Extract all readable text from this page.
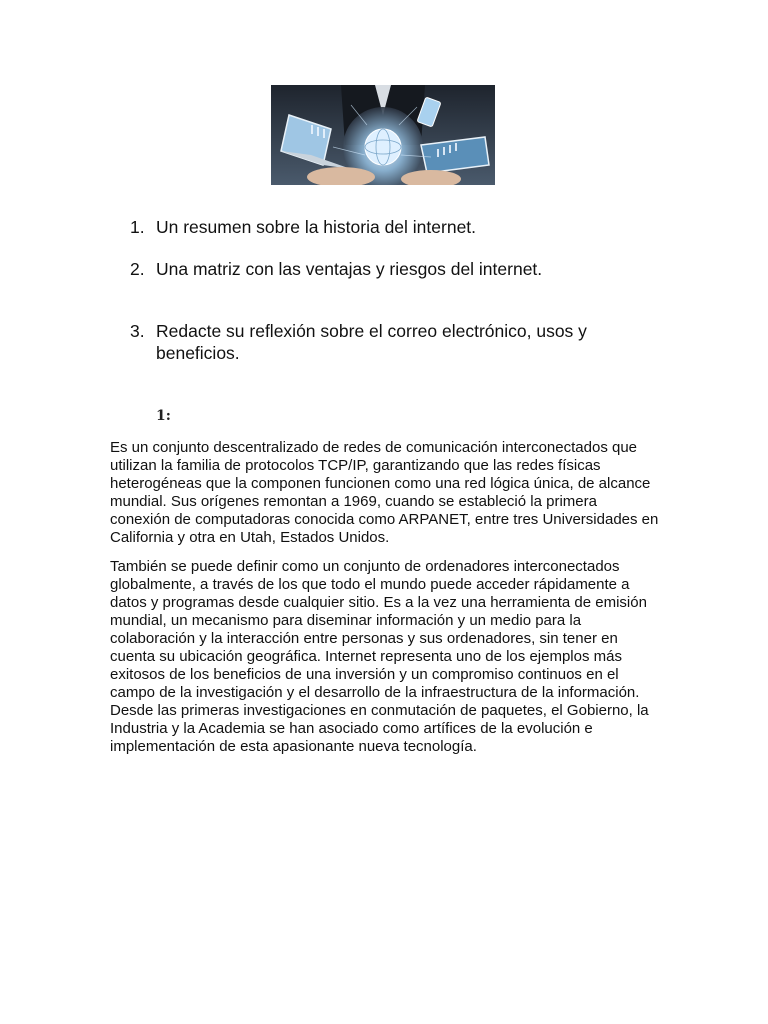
1. Un resumen sobre la historia del internet.
2. Una matriz con las ventajas y riesgos del internet.
3. Redacte su reflexión sobre el correo electrónico, usos y beneficios.
1:

Es un conjunto descentralizado de redes de comunicación interconectados que utilizan la familia de protocolos TCP/IP, garantizando que las redes físicas heterogéneas que la componen funcionen como una red lógica única, de alcance mundial. Sus orígenes remontan a 1969, cuando se estableció la primera conexión de computadoras conocida como ARPANET, entre tres Universidades en California y otra en Utah, Estados Unidos.

También se puede definir como un conjunto de ordenadores interconectados globalmente, a través de los que todo el mundo puede acceder rápidamente a datos y programas desde cualquier sitio. Es a la vez una herramienta de emisión mundial, un mecanismo para diseminar información y un medio para la colaboración y la interacción entre personas y sus ordenadores, sin tener en cuenta su ubicación geográfica. Internet representa uno de los ejemplos más exitosos de los beneficios de una inversión y un compromiso continuos en el campo de la investigación y el desarrollo de la infraestructura de la información. Desde las primeras investigaciones en conmutación de paquetes, el Gobierno, la Industria y la Academia se han asociado como artífices de la evolución e implementación de esta apasionante nueva tecnología.
